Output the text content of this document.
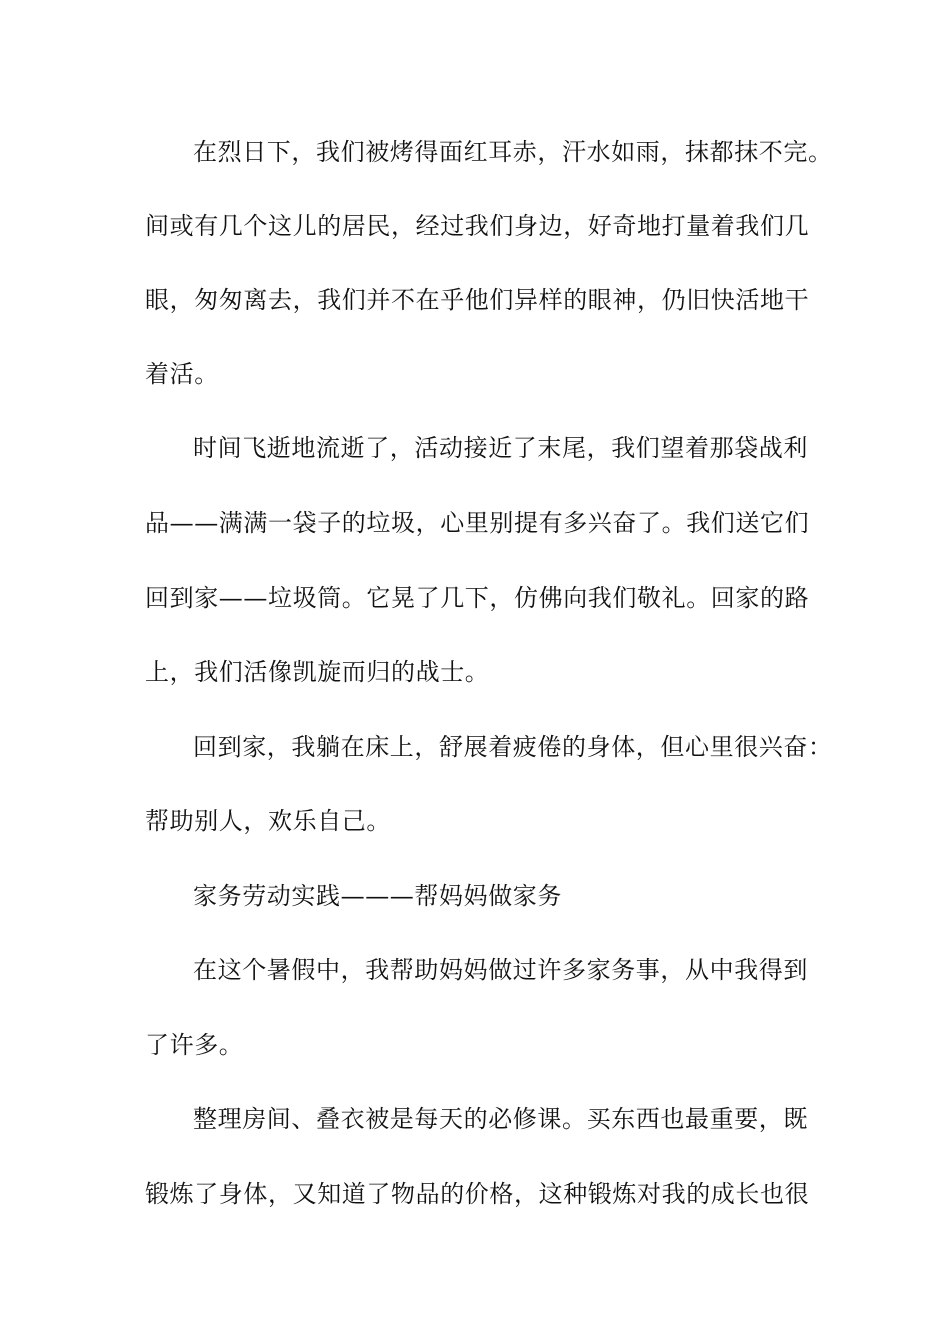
在烈日下，我们被烤得面红耳赤，汗水如雨，抹都抹不完。
间或有几个这儿的居民，经过我们身边，好奇地打量着我们几
眼，匆匆离去，我们并不在乎他们异样的眼神，仍旧快活地干
着活。
时间飞逝地流逝了，活动接近了末尾，我们望着那袋战利
品——满满一袋子的垃圾，心里别提有多兴奋了。我们送它们
回到家——垃圾筒。它晃了几下，仿佛向我们敬礼。回家的路
上，我们活像凯旋而归的战士。
回到家，我躺在床上，舒展着疲倦的身体，但心里很兴奋：
帮助别人，欢乐自己。
家务劳动实践———帮妈妈做家务
在这个暑假中，我帮助妈妈做过许多家务事，从中我得到
了许多。
整理房间、叠衣被是每天的必修课。买东西也最重要，既
锻炼了身体，又知道了物品的价格，这种锻炼对我的成长也很
